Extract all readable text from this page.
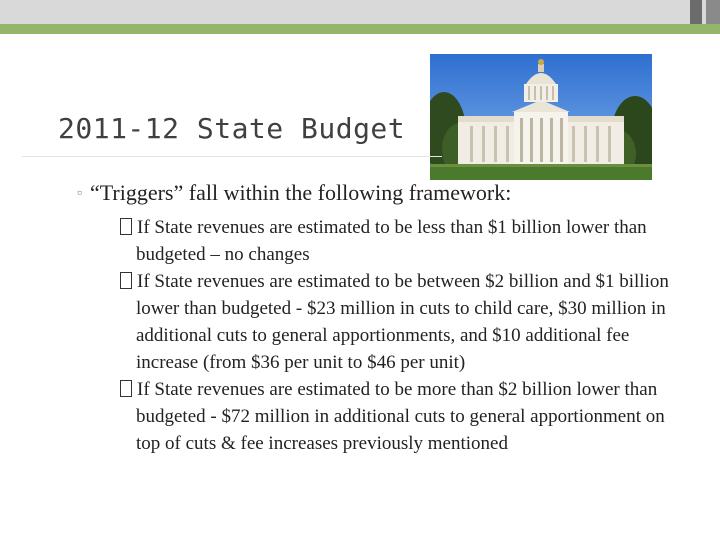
2011-12 State Budget
▫ “Triggers” fall within the following framework:
If State revenues are estimated to be less than $1 billion lower than budgeted – no changes
If State revenues are estimated to be between $2 billion and $1 billion lower than budgeted - $23 million in cuts to child care, $30 million in additional cuts to general apportionments, and $10 additional fee increase (from $36 per unit to $46 per unit)
If State revenues are estimated to be more than $2 billion lower than budgeted - $72 million in additional cuts to general apportionment on top of cuts & fee increases previously mentioned
